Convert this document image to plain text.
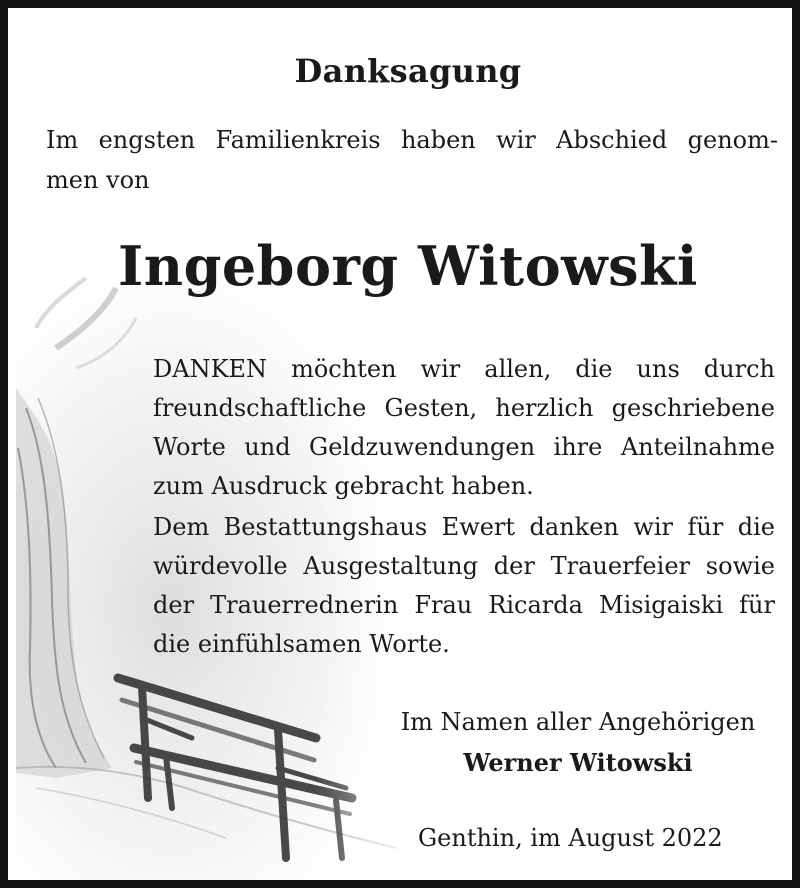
Danksagung
Im engsten Familienkreis haben wir Abschied genom-
men von
Ingeborg Witowski
DANKEN möchten wir allen, die uns durch
freundschaftliche Gesten, herzlich geschriebene
Worte und Geldzuwendungen ihre Anteilnahme
zum Ausdruck gebracht haben.
Dem Bestattungshaus Ewert danken wir für die
würdevolle Ausgestaltung der Trauerfeier sowie
der Trauerrednerin Frau Ricarda Misigaiski für
die einfühlsamen Worte.
Im Namen aller Angehörigen
Werner Witowski
Genthin, im August 2022
